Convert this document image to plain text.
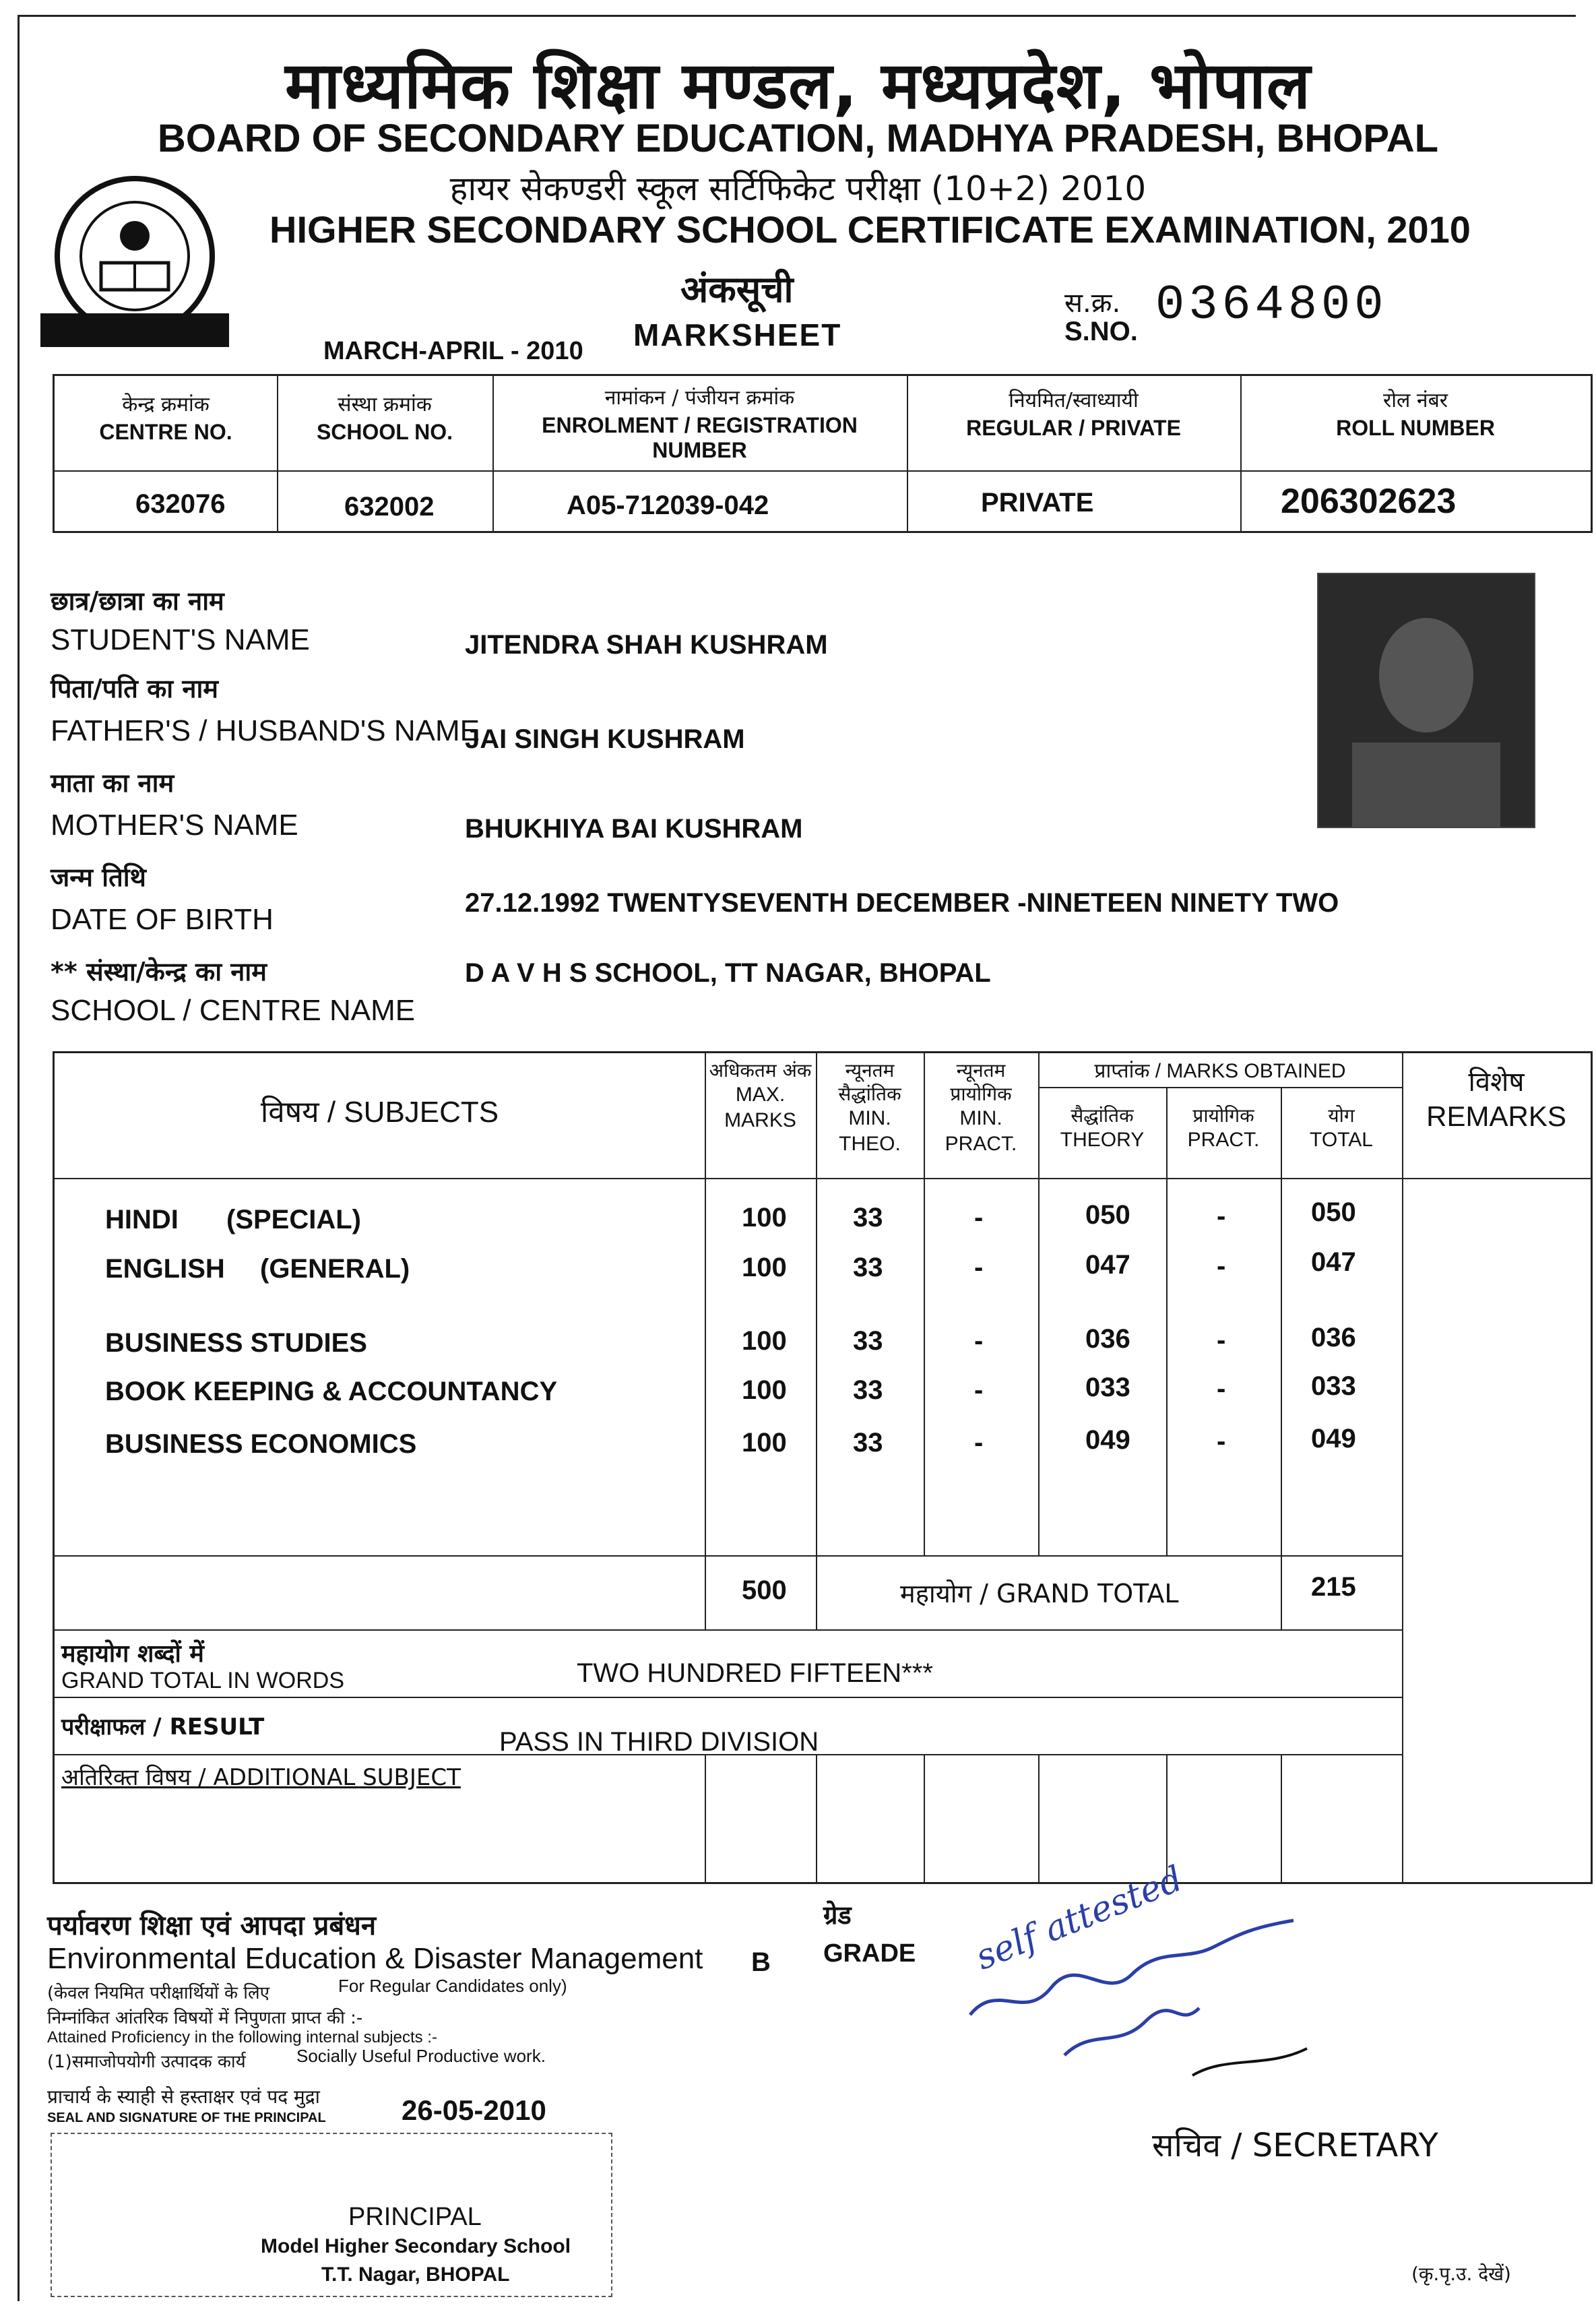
माध्यमिक शिक्षा मण्डल, मध्यप्रदेश, भोपाल
BOARD OF SECONDARY EDUCATION, MADHYA PRADESH, BHOPAL
हायर सेकण्डरी स्कूल सर्टिफिकेट परीक्षा (10+2) 2010
HIGHER SECONDARY SCHOOL CERTIFICATE EXAMINATION, 2010
अंकसूची
MARKSHEET
MARCH-APRIL - 2010
स.क्र.
S.NO. 0364800
केन्द्र क्रमांक
CENTRE NO.
संस्था क्रमांक
SCHOOL NO.
नामांकन / पंजीयन क्रमांक
ENROLMENT / REGISTRATION NUMBER
नियमित/स्वाध्यायी
REGULAR / PRIVATE
रोल नंबर
ROLL NUMBER
632076	632002	A05-712039-042	PRIVATE	206302623
छात्र/छात्रा का नाम
STUDENT'S NAME	JITENDRA SHAH KUSHRAM
पिता/पति का नाम
FATHER'S / HUSBAND'S NAME
JAI SINGH KUSHRAM
माता का नाम
MOTHER'S NAME	BHUKHIYA BAI KUSHRAM
जन्म तिथि
DATE OF BIRTH	27.12.1992 TWENTYSEVENTH DECEMBER -NINETEEN NINETY TWO
** संस्था/केन्द्र का नाम
SCHOOL / CENTRE NAME
D A V H S SCHOOL, TT NAGAR, BHOPAL
विषय / SUBJECTS
अधिकतम अंक
MAX. MARKS
न्यूनतम सैद्धांतिक
MIN. THEO.
न्यूनतम प्रायोगिक
MIN. PRACT.
प्राप्तांक / MARKS OBTAINED
सैद्धांतिक
THEORY
प्रायोगिक
PRACT.
योग
TOTAL
विशेष
REMARKS
HINDI (SPECIAL)	100 33	-	050	-	050
ENGLISH (GENERAL)	100 33	-	047	-	047
BUSINESS STUDIES	100 33	-	036	-	036
BOOK KEEPING & ACCOUNTANCY	100 33	-	033	-	033
BUSINESS ECONOMICS	100 33	-	049	-	049
500	महायोग / GRAND TOTAL	215
महायोग शब्दों में
GRAND TOTAL IN WORDS	TWO HUNDRED FIFTEEN***
परीक्षाफल / RESULT	PASS IN THIRD DIVISION
अतिरिक्त विषय / ADDITIONAL SUBJECT
पर्यावरण शिक्षा एवं आपदा प्रबंधन
Environmental Education & Disaster Management B
ग्रेड
GRADE
(केवल नियमित परीक्षार्थियों के लिए	For Regular Candidates only)
निम्नांकित आंतरिक विषयों में निपुणता प्राप्त की :-
Attained Proficiency in the following internal subjects :-
(1)समाजोपयोगी उत्पादक कार्य	Socially Useful Productive work.
प्राचार्य के स्याही से हस्ताक्षर एवं पद मुद्रा
SEAL AND SIGNATURE OF THE PRINCIPAL	26-05-2010
PRINCIPAL
Model Higher Secondary School
T.T. Nagar, BHOPAL
self attested
सचिव / SECRETARY
(कृ.पृ.उ. देखें)
